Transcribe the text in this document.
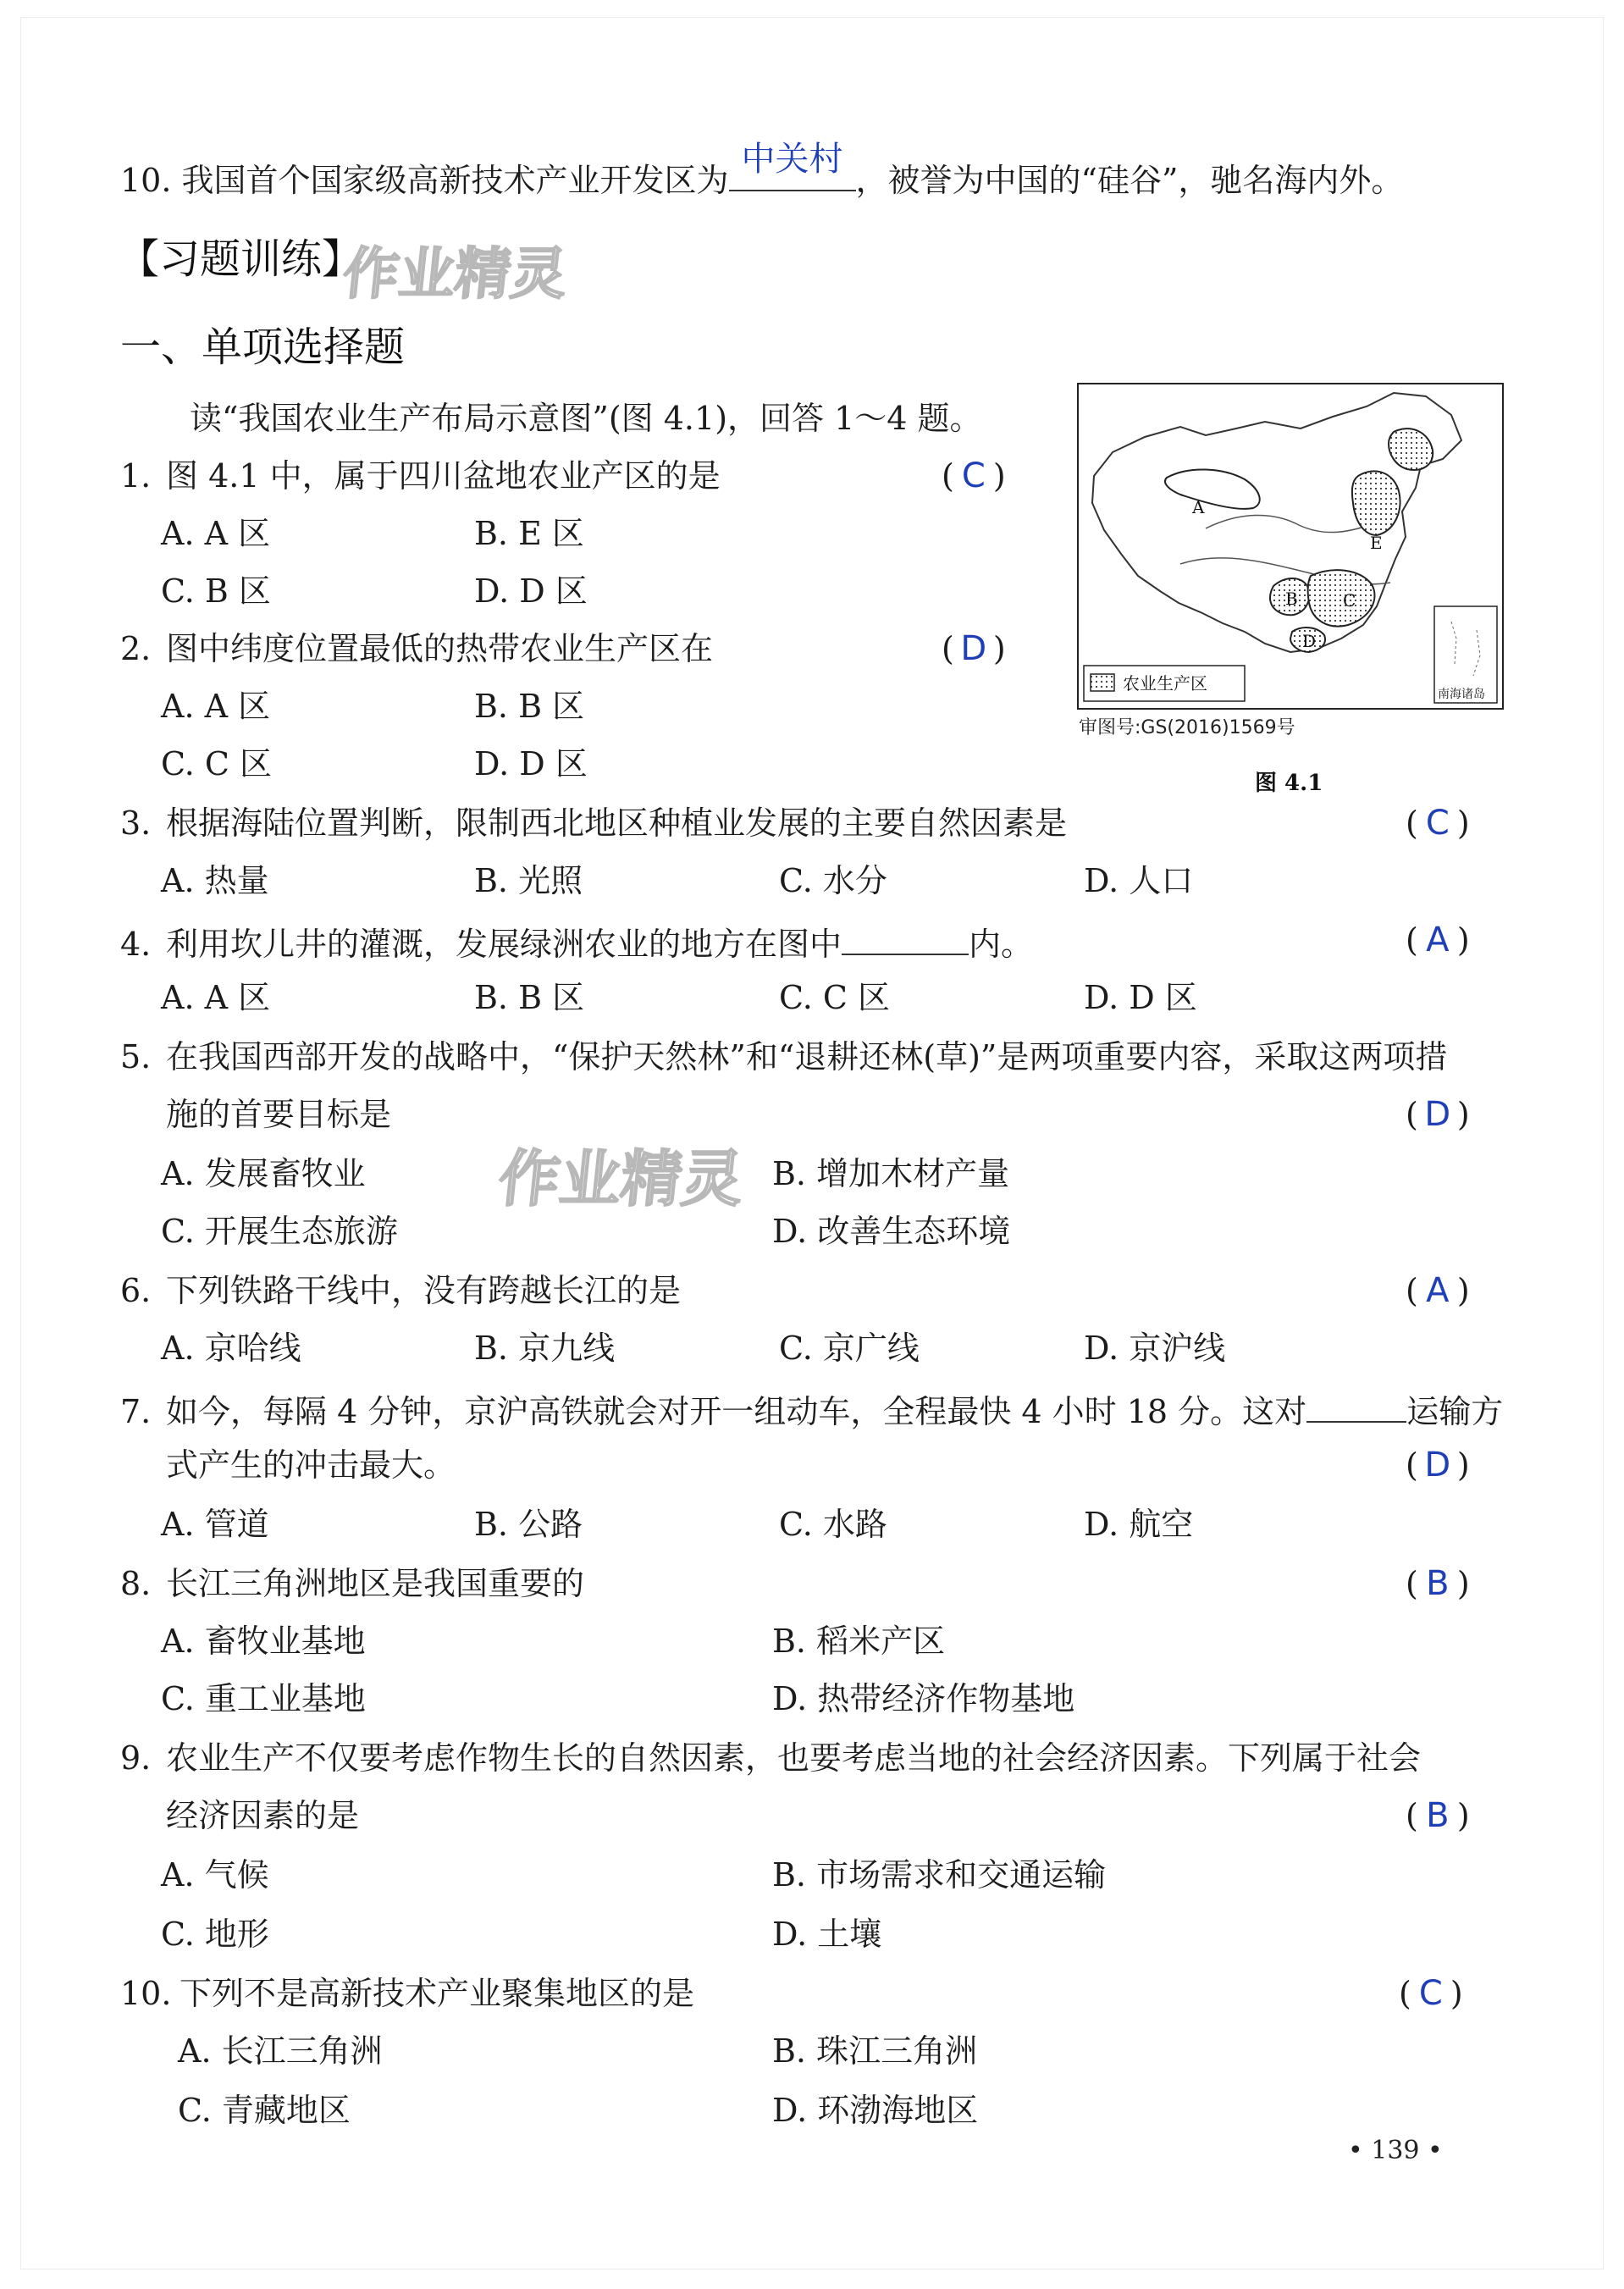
10. 我国首个国家级高新技术产业开发区为
中关村
，被誉为中国的“硅谷”，驰名海内外。
【习题训练】
作业精灵
一、单项选择题
读“我国农业生产布局示意图”(图 4.1)，回答 1～4 题。
A
B	C
D
E
农业生产区
南海诸岛
审图号:GS(2016)1569号
图 4.1
1. 图 4.1 中，属于四川盆地农业产区的是	( C )
A. A 区	B. E 区
C. B 区	D. D 区
2. 图中纬度位置最低的热带农业生产区在	( D )
A. A 区	B. B 区
C. C 区	D. D 区
3. 根据海陆位置判断，限制西北地区种植业发展的主要自然因素是	( C )
A. 热量	B. 光照	C. 水分	D. 人口
4. 利用坎儿井的灌溉，发展绿洲农业的地方在图中	内。	( A )
A. A 区	B. B 区	C. C 区	D. D 区
5. 在我国西部开发的战略中，“保护天然林”和“退耕还林(草)”是两项重要内容，采取这两项措
施的首要目标是	( D )
A. 发展畜牧业	B. 增加木材产量
C. 开展生态旅游	D. 改善生态环境
6. 下列铁路干线中，没有跨越长江的是	( A )
A. 京哈线	B. 京九线	C. 京广线	D. 京沪线
7. 如今，每隔 4 分钟，京沪高铁就会对开一组动车，全程最快 4 小时 18 分。这对	运输方
式产生的冲击最大。	( D )
A. 管道	B. 公路	C. 水路	D. 航空
8. 长江三角洲地区是我国重要的	( B )
A. 畜牧业基地	B. 稻米产区
C. 重工业基地	D. 热带经济作物基地
9. 农业生产不仅要考虑作物生长的自然因素，也要考虑当地的社会经济因素。下列属于社会
经济因素的是	( B )
A. 气候	B. 市场需求和交通运输
C. 地形	D. 土壤
10. 下列不是高新技术产业聚集地区的是	( C )
A. 长江三角洲	B. 珠江三角洲
C. 青藏地区	D. 环渤海地区
作业精灵
• 139 •
